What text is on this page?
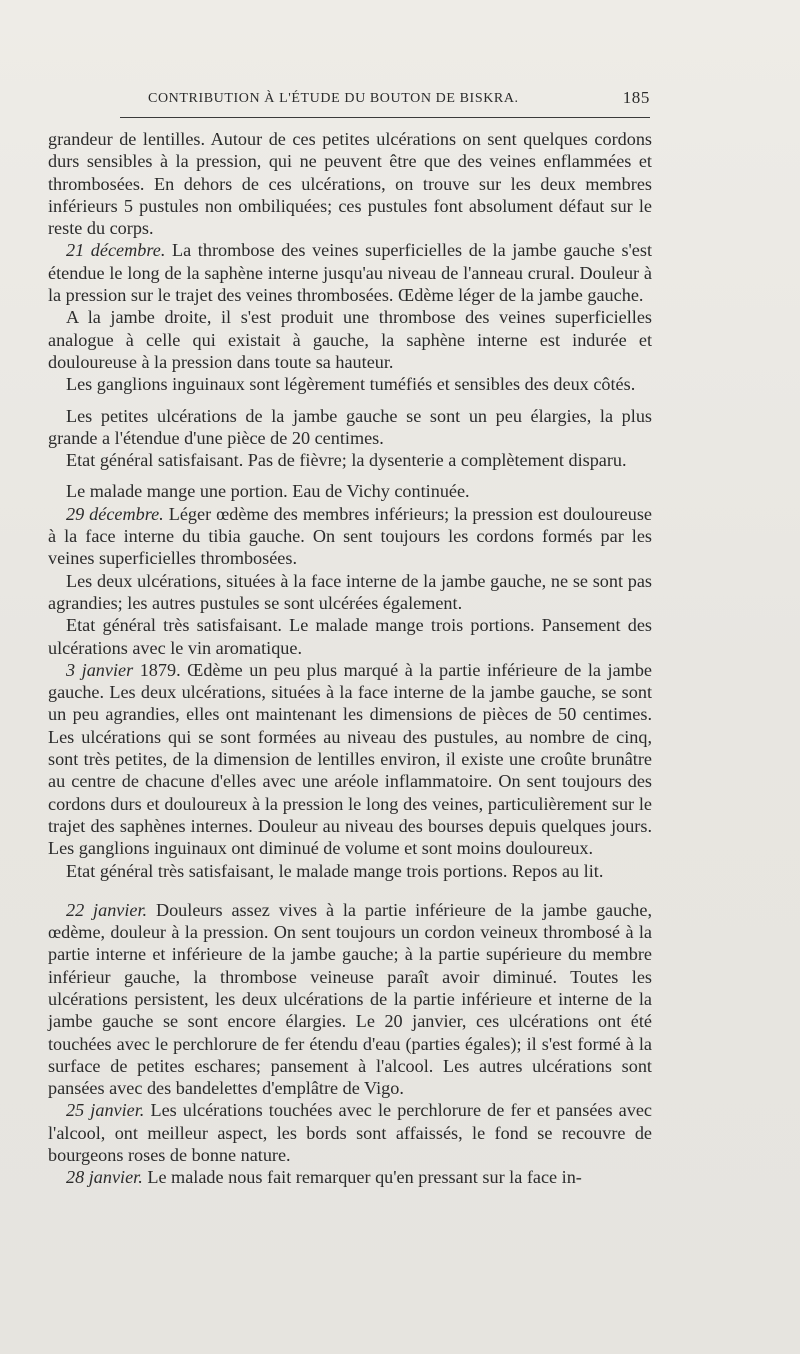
CONTRIBUTION À L'ÉTUDE DU BOUTON DE BISKRA.	185

grandeur de lentilles. Autour de ces petites ulcérations on sent quelques cordons durs sensibles à la pression, qui ne peuvent être que des veines enflammées et thrombosées. En dehors de ces ulcérations, on trouve sur les deux membres inférieurs 5 pustules non ombiliquées; ces pustules font absolument défaut sur le reste du corps.

21 décembre. La thrombose des veines superficielles de la jambe gauche s'est étendue le long de la saphène interne jusqu'au niveau de l'anneau crural. Douleur à la pression sur le trajet des veines thrombosées. Œdème léger de la jambe gauche.

A la jambe droite, il s'est produit une thrombose des veines superficielles analogue à celle qui existait à gauche, la saphène interne est indurée et douloureuse à la pression dans toute sa hauteur.

Les ganglions inguinaux sont légèrement tuméfiés et sensibles des deux côtés.

Les petites ulcérations de la jambe gauche se sont un peu élargies, la plus grande a l'étendue d'une pièce de 20 centimes.

Etat général satisfaisant. Pas de fièvre; la dysenterie a complètement disparu.

Le malade mange une portion. Eau de Vichy continuée.

29 décembre. Léger œdème des membres inférieurs; la pression est douloureuse à la face interne du tibia gauche. On sent toujours les cordons formés par les veines superficielles thrombosées.

Les deux ulcérations, situées à la face interne de la jambe gauche, ne se sont pas agrandies; les autres pustules se sont ulcérées également.

Etat général très satisfaisant. Le malade mange trois portions. Pansement des ulcérations avec le vin aromatique.

3 janvier 1879. Œdème un peu plus marqué à la partie inférieure de la jambe gauche. Les deux ulcérations, situées à la face interne de la jambe gauche, se sont un peu agrandies, elles ont maintenant les dimensions de pièces de 50 centimes. Les ulcérations qui se sont formées au niveau des pustules, au nombre de cinq, sont très petites, de la dimension de lentilles environ, il existe une croûte brunâtre au centre de chacune d'elles avec une aréole inflammatoire. On sent toujours des cordons durs et douloureux à la pression le long des veines, particulièrement sur le trajet des saphènes internes. Douleur au niveau des bourses depuis quelques jours. Les ganglions inguinaux ont diminué de volume et sont moins douloureux.

Etat général très satisfaisant, le malade mange trois portions. Repos au lit.

22 janvier. Douleurs assez vives à la partie inférieure de la jambe gauche, œdème, douleur à la pression. On sent toujours un cordon veineux thrombosé à la partie interne et inférieure de la jambe gauche; à la partie supérieure du membre inférieur gauche, la thrombose veineuse paraît avoir diminué. Toutes les ulcérations persistent, les deux ulcérations de la partie inférieure et interne de la jambe gauche se sont encore élargies. Le 20 janvier, ces ulcérations ont été touchées avec le perchlorure de fer étendu d'eau (parties égales); il s'est formé à la surface de petites eschares; pansement à l'alcool. Les autres ulcérations sont pansées avec des bandelettes d'emplâtre de Vigo.

25 janvier. Les ulcérations touchées avec le perchlorure de fer et pansées avec l'alcool, ont meilleur aspect, les bords sont affaissés, le fond se recouvre de bourgeons roses de bonne nature.

28 janvier. Le malade nous fait remarquer qu'en pressant sur la face in-
